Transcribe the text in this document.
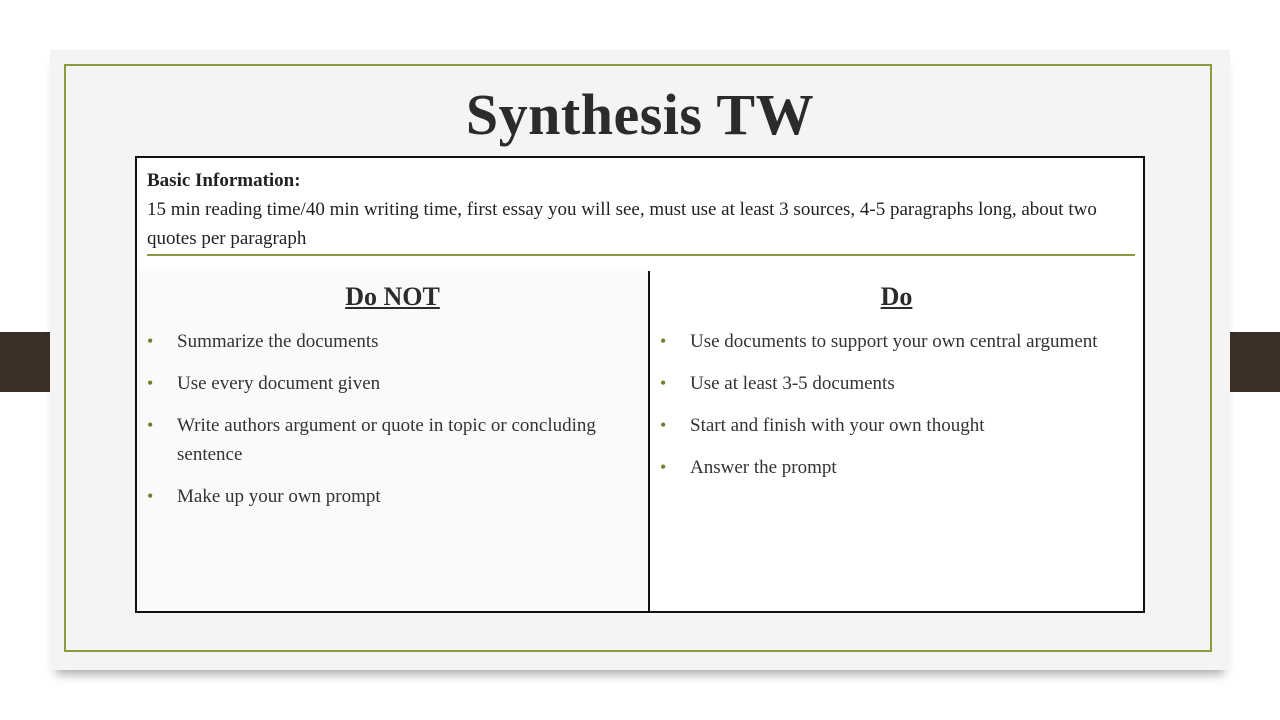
Synthesis TW
Basic Information:
15 min reading time/40 min writing time, first essay you will see, must use at least 3 sources, 4-5 paragraphs long, about two quotes per paragraph
Do NOT
• Summarize the documents
• Use every document given
• Write authors argument or quote in topic or concluding sentence
• Make up your own prompt
Do
• Use documents to support your own central argument
• Use at least 3-5 documents
• Start and finish with your own thought
• Answer the prompt
